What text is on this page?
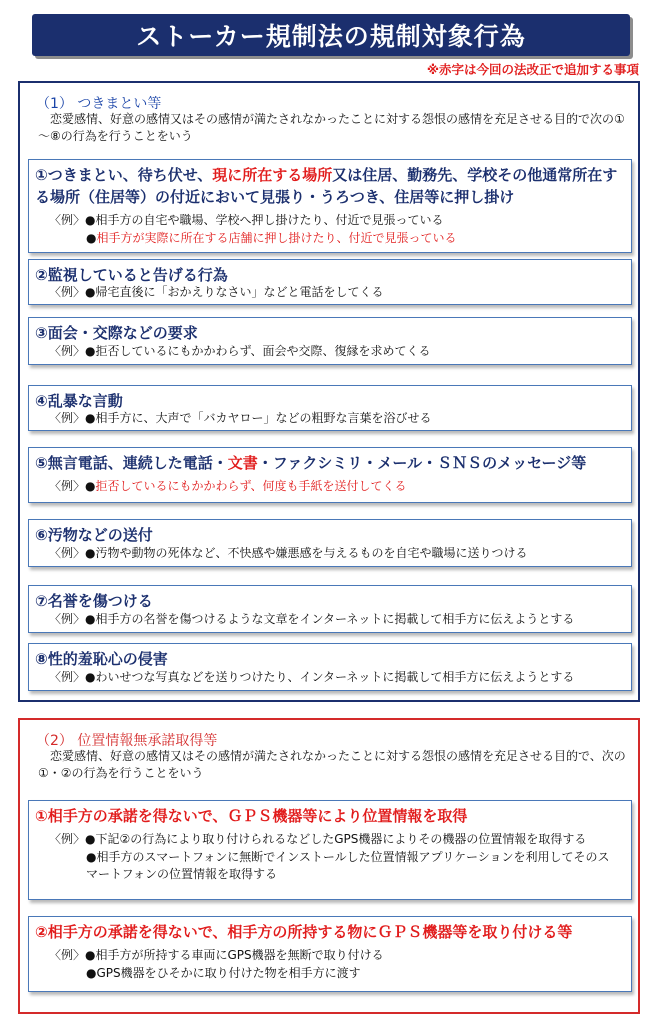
ストーカー規制法の規制対象行為
※赤字は今回の法改正で追加する事項
（1） つきまとい等
　恋愛感情、好意の感情又はその感情が満たされなかったことに対する怨恨の感情を充足させる目的で次の①～⑧の行為を行うことをいう
①つきまとい、待ち伏せ、現に所在する場所又は住居、勤務先、学校その他通常所在する場所（住居等）の付近において見張り・うろつき、住居等に押し掛け
〈例〉●相手方の自宅や職場、学校へ押し掛けたり、付近で見張っている
●相手方が実際に所在する店舗に押し掛けたり、付近で見張っている
②監視していると告げる行為
〈例〉●帰宅直後に「おかえりなさい」などと電話をしてくる
③面会・交際などの要求
〈例〉●拒否しているにもかかわらず、面会や交際、復縁を求めてくる
④乱暴な言動
〈例〉●相手方に、大声で「バカヤロー」などの粗野な言葉を浴びせる
⑤無言電話、連続した電話・文書・ファクシミリ・メール・ＳＮＳのメッセージ等
〈例〉●拒否しているにもかかわらず、何度も手紙を送付してくる
⑥汚物などの送付
〈例〉●汚物や動物の死体など、不快感や嫌悪感を与えるものを自宅や職場に送りつける
⑦名誉を傷つける
〈例〉●相手方の名誉を傷つけるような文章をインターネットに掲載して相手方に伝えようとする
⑧性的羞恥心の侵害
〈例〉●わいせつな写真などを送りつけたり、インターネットに掲載して相手方に伝えようとする
（2） 位置情報無承諾取得等
　恋愛感情、好意の感情又はその感情が満たされなかったことに対する怨恨の感情を充足させる目的で、次の①・②の行為を行うことをいう
①相手方の承諾を得ないで、ＧＰＳ機器等により位置情報を取得
〈例〉●下記②の行為により取り付けられるなどしたGPS機器によりその機器の位置情報を取得する
●相手方のスマートフォンに無断でインストールした位置情報アプリケーションを利用してそのスマートフォンの位置情報を取得する
②相手方の承諾を得ないで、相手方の所持する物にＧＰＳ機器等を取り付ける等
〈例〉●相手方が所持する車両にGPS機器を無断で取り付ける
●GPS機器をひそかに取り付けた物を相手方に渡す
